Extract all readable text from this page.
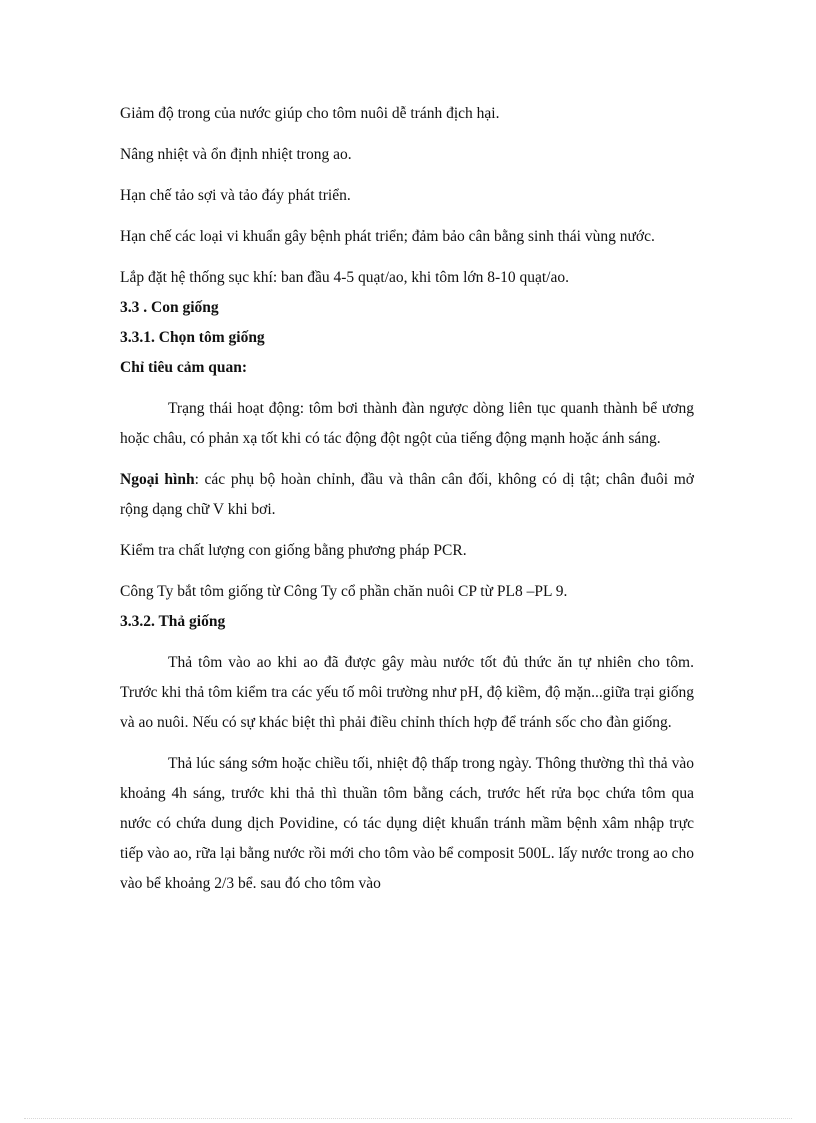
Giảm độ trong của nước giúp cho tôm nuôi dễ tránh địch hại.

Nâng nhiệt và ổn định nhiệt trong ao.

Hạn chế tảo sợi và tảo đáy phát triển.

Hạn chế các loại vi khuẩn gây bệnh phát triển; đảm bảo cân bằng sinh thái vùng nước.

Lắp đặt hệ thống sục khí: ban đầu 4-5 quạt/ao, khi tôm lớn 8-10 quạt/ao.

3.3 . Con giống

3.3.1. Chọn tôm giống

Chỉ tiêu cảm quan:

Trạng thái hoạt động: tôm bơi thành đàn ngược dòng liên tục quanh thành bể ương hoặc châu, có phản xạ tốt khi có tác động đột ngột của tiếng động mạnh hoặc ánh sáng.

Ngoại hình: các phụ bộ hoàn chỉnh, đầu và thân cân đối, không có dị tật; chân đuôi mở rộng dạng chữ V khi bơi.

Kiểm tra chất lượng con giống bằng phương pháp PCR.

Công Ty bắt tôm giống từ Công Ty cổ phần chăn nuôi CP từ PL8 –PL 9.

3.3.2. Thả giống

Thả tôm vào ao khi ao đã được gây màu nước tốt đủ thức ăn tự nhiên cho tôm. Trước khi thả tôm kiểm tra các yếu tố môi trường như pH, độ kiềm, độ mặn...giữa trại giống và ao nuôi. Nếu có sự khác biệt thì phải điều chỉnh thích hợp để tránh sốc cho đàn giống.

Thả lúc sáng sớm hoặc chiều tối, nhiệt độ thấp trong ngày. Thông thường thì thả vào khoảng 4h sáng, trước khi thả thì thuần tôm bằng cách, trước hết rửa bọc chứa tôm qua nước có chứa dung dịch Povidine, có tác dụng diệt khuẩn tránh mầm bệnh xâm nhập trực tiếp vào ao, rữa lại bằng nước rồi mới cho tôm vào bể composit 500L. lấy nước trong ao cho vào bể khoảng 2/3 bể. sau đó cho tôm vào
